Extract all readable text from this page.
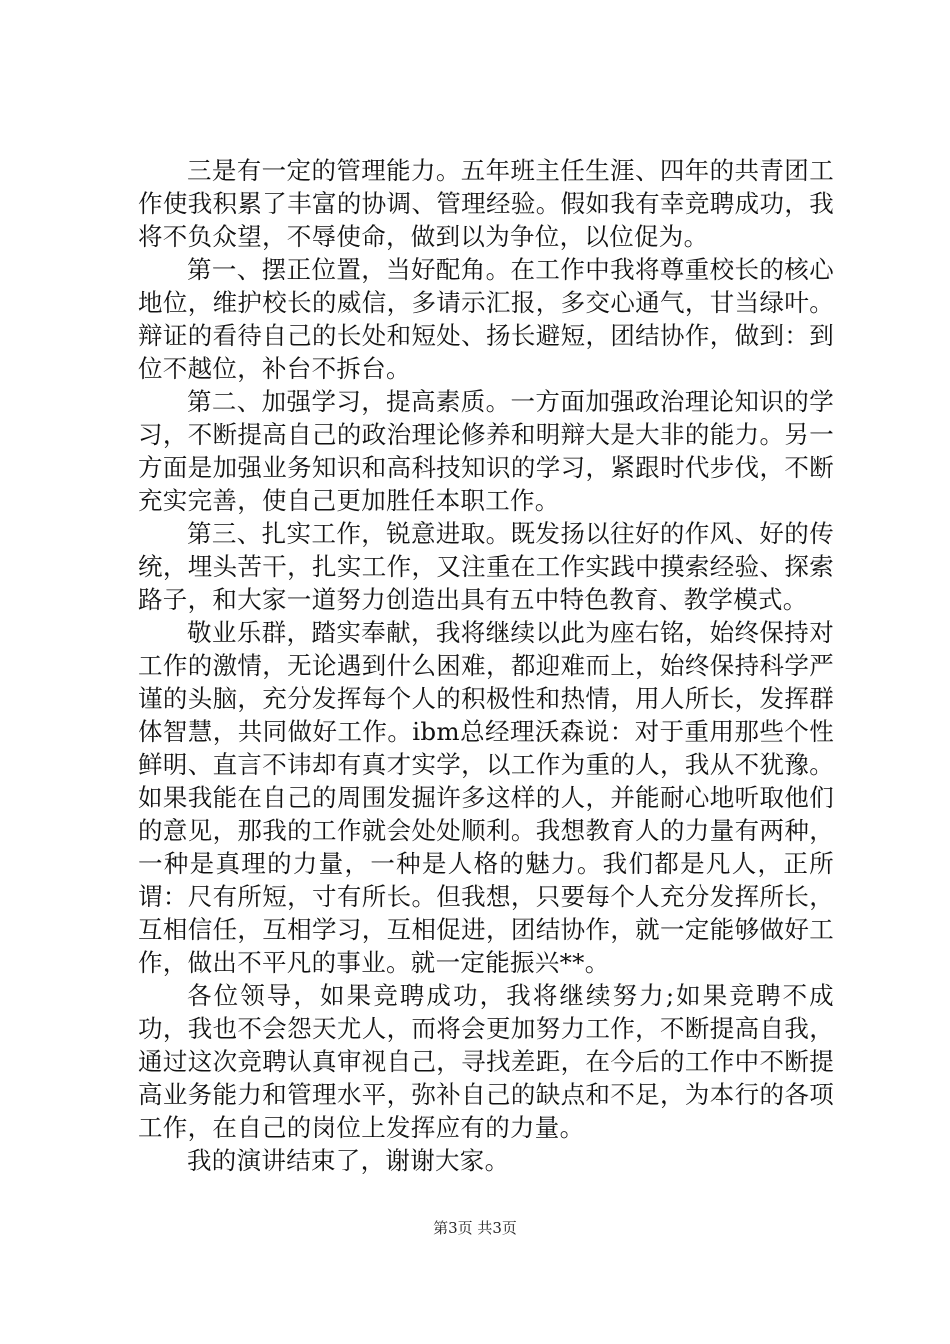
三是有一定的管理能力。五年班主任生涯、四年的共青团工作使我积累了丰富的协调、管理经验。假如我有幸竞聘成功，我将不负众望，不辱使命，做到以为争位，以位促为。

第一、摆正位置，当好配角。在工作中我将尊重校长的核心地位，维护校长的威信，多请示汇报，多交心通气，甘当绿叶。辩证的看待自己的长处和短处、扬长避短，团结协作，做到：到位不越位，补台不拆台。

第二、加强学习，提高素质。一方面加强政治理论知识的学习，不断提高自己的政治理论修养和明辩大是大非的能力。另一方面是加强业务知识和高科技知识的学习，紧跟时代步伐，不断充实完善，使自己更加胜任本职工作。

第三、扎实工作，锐意进取。既发扬以往好的作风、好的传统，埋头苦干，扎实工作，又注重在工作实践中摸索经验、探索路子，和大家一道努力创造出具有五中特色教育、教学模式。

敬业乐群，踏实奉献，我将继续以此为座右铭，始终保持对工作的激情，无论遇到什么困难，都迎难而上，始终保持科学严谨的头脑，充分发挥每个人的积极性和热情，用人所长，发挥群体智慧，共同做好工作。ibm总经理沃森说：对于重用那些个性鲜明、直言不讳却有真才实学，以工作为重的人，我从不犹豫。如果我能在自己的周围发掘许多这样的人，并能耐心地听取他们的意见，那我的工作就会处处顺利。我想教育人的力量有两种，一种是真理的力量，一种是人格的魅力。我们都是凡人，正所谓：尺有所短，寸有所长。但我想，只要每个人充分发挥所长，互相信任，互相学习，互相促进，团结协作，就一定能够做好工作，做出不平凡的事业。就一定能振兴**。

各位领导，如果竞聘成功，我将继续努力;如果竞聘不成功，我也不会怨天尤人，而将会更加努力工作，不断提高自我，通过这次竞聘认真审视自己，寻找差距，在今后的工作中不断提高业务能力和管理水平，弥补自己的缺点和不足，为本行的各项工作，在自己的岗位上发挥应有的力量。

我的演讲结束了，谢谢大家。

第3页 共3页
